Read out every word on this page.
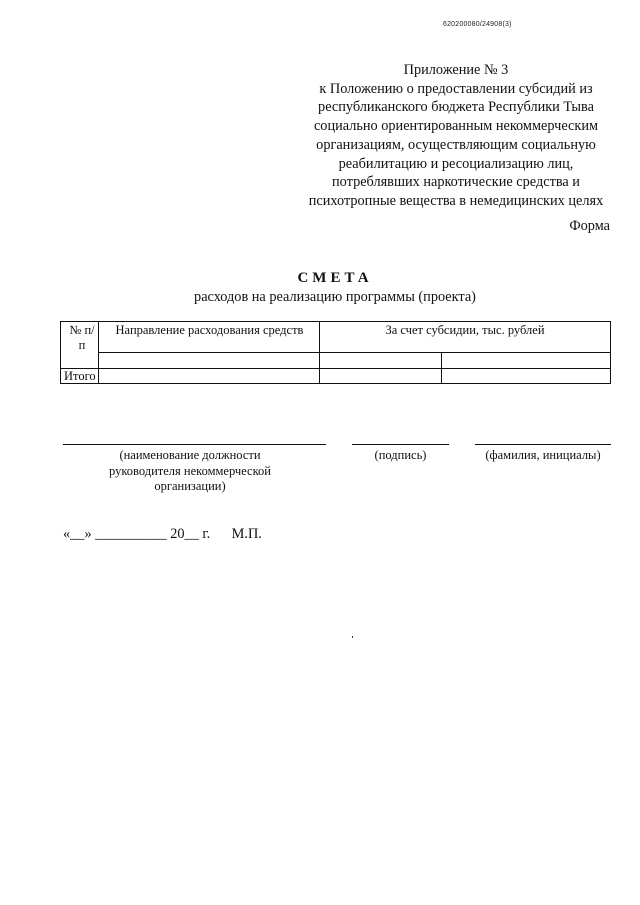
620200080/24908(3)
Приложение № 3
к Положению о предоставлении субсидий из
республиканского бюджета Республики Тыва
социально ориентированным некоммерческим
организациям, осуществляющим социальную
реабилитацию и ресоциализацию лиц,
потреблявших наркотические средства и
психотропные вещества в немедицинских целях
Форма
СМЕТА
расходов на реализацию программы (проекта)
№ п/п
Направление расходования средств	За счет субсидии, тыс. рублей
Итого
(наименование должности руководителя некоммерческой организации)
(подпись)	(фамилия, инициалы)
«__» __________ 20__ г.      М.П.
